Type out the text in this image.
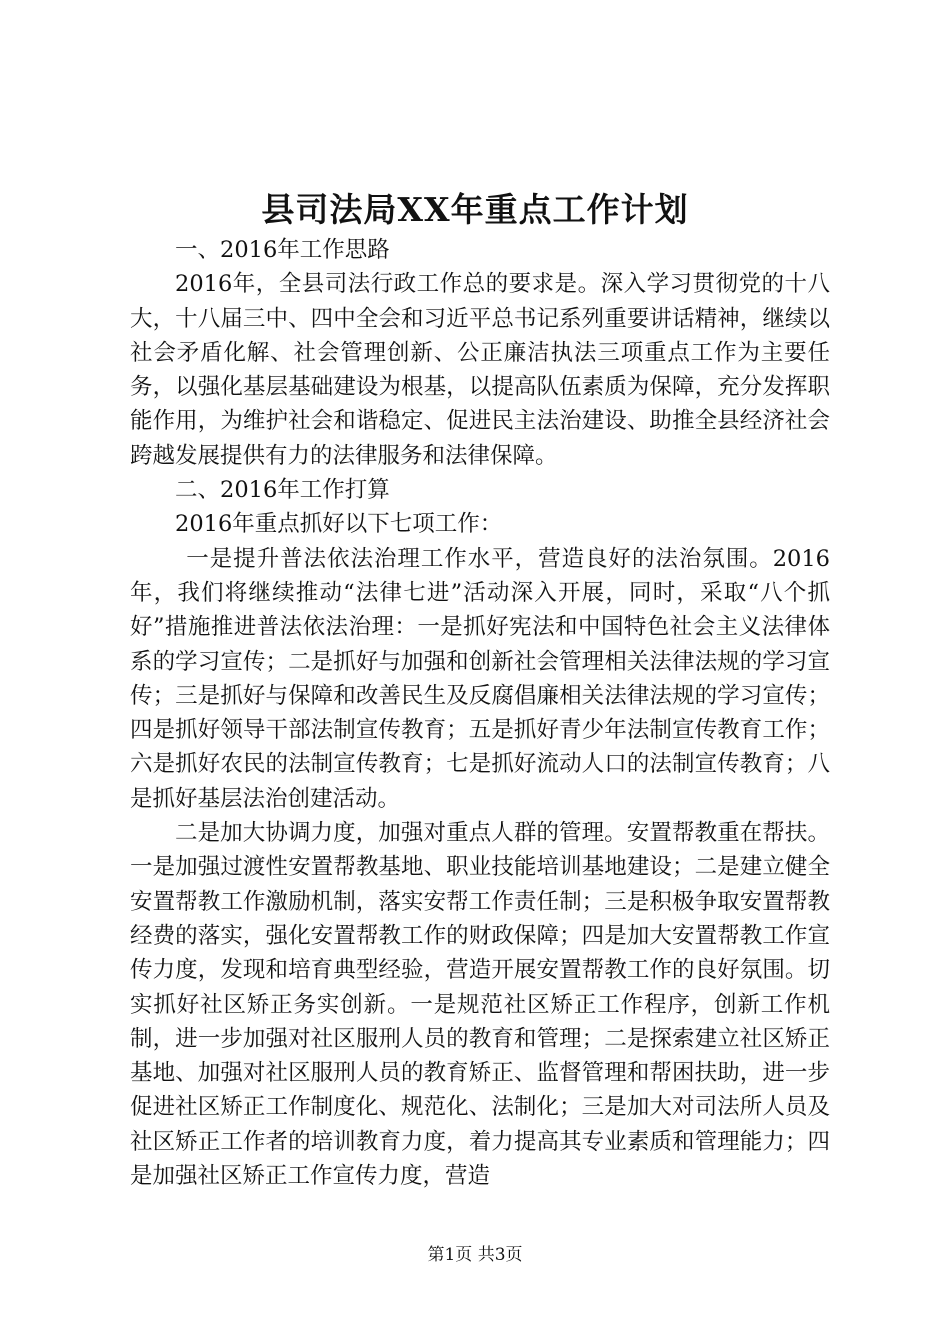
县司法局XX年重点工作计划

一、2016年工作思路

2016年，全县司法行政工作总的要求是。深入学习贯彻党的十八大，十八届三中、四中全会和习近平总书记系列重要讲话精神，继续以社会矛盾化解、社会管理创新、公正廉洁执法三项重点工作为主要任务，以强化基层基础建设为根基，以提高队伍素质为保障，充分发挥职能作用，为维护社会和谐稳定、促进民主法治建设、助推全县经济社会跨越发展提供有力的法律服务和法律保障。

二、2016年工作打算

2016年重点抓好以下七项工作：

一是提升普法依法治理工作水平，营造良好的法治氛围。2016年，我们将继续推动“法律七进”活动深入开展，同时，采取“八个抓好”措施推进普法依法治理：一是抓好宪法和中国特色社会主义法律体系的学习宣传；二是抓好与加强和创新社会管理相关法律法规的学习宣传；三是抓好与保障和改善民生及反腐倡廉相关法律法规的学习宣传；四是抓好领导干部法制宣传教育；五是抓好青少年法制宣传教育工作；六是抓好农民的法制宣传教育；七是抓好流动人口的法制宣传教育；八是抓好基层法治创建活动。

二是加大协调力度，加强对重点人群的管理。安置帮教重在帮扶。一是加强过渡性安置帮教基地、职业技能培训基地建设；二是建立健全安置帮教工作激励机制，落实安帮工作责任制；三是积极争取安置帮教经费的落实，强化安置帮教工作的财政保障；四是加大安置帮教工作宣传力度，发现和培育典型经验，营造开展安置帮教工作的良好氛围。切实抓好社区矫正务实创新。一是规范社区矫正工作程序，创新工作机制，进一步加强对社区服刑人员的教育和管理；二是探索建立社区矫正基地、加强对社区服刑人员的教育矫正、监督管理和帮困扶助，进一步促进社区矫正工作制度化、规范化、法制化；三是加大对司法所人员及社区矫正工作者的培训教育力度，着力提高其专业素质和管理能力；四是加强社区矫正工作宣传力度，营造

第1页 共3页
